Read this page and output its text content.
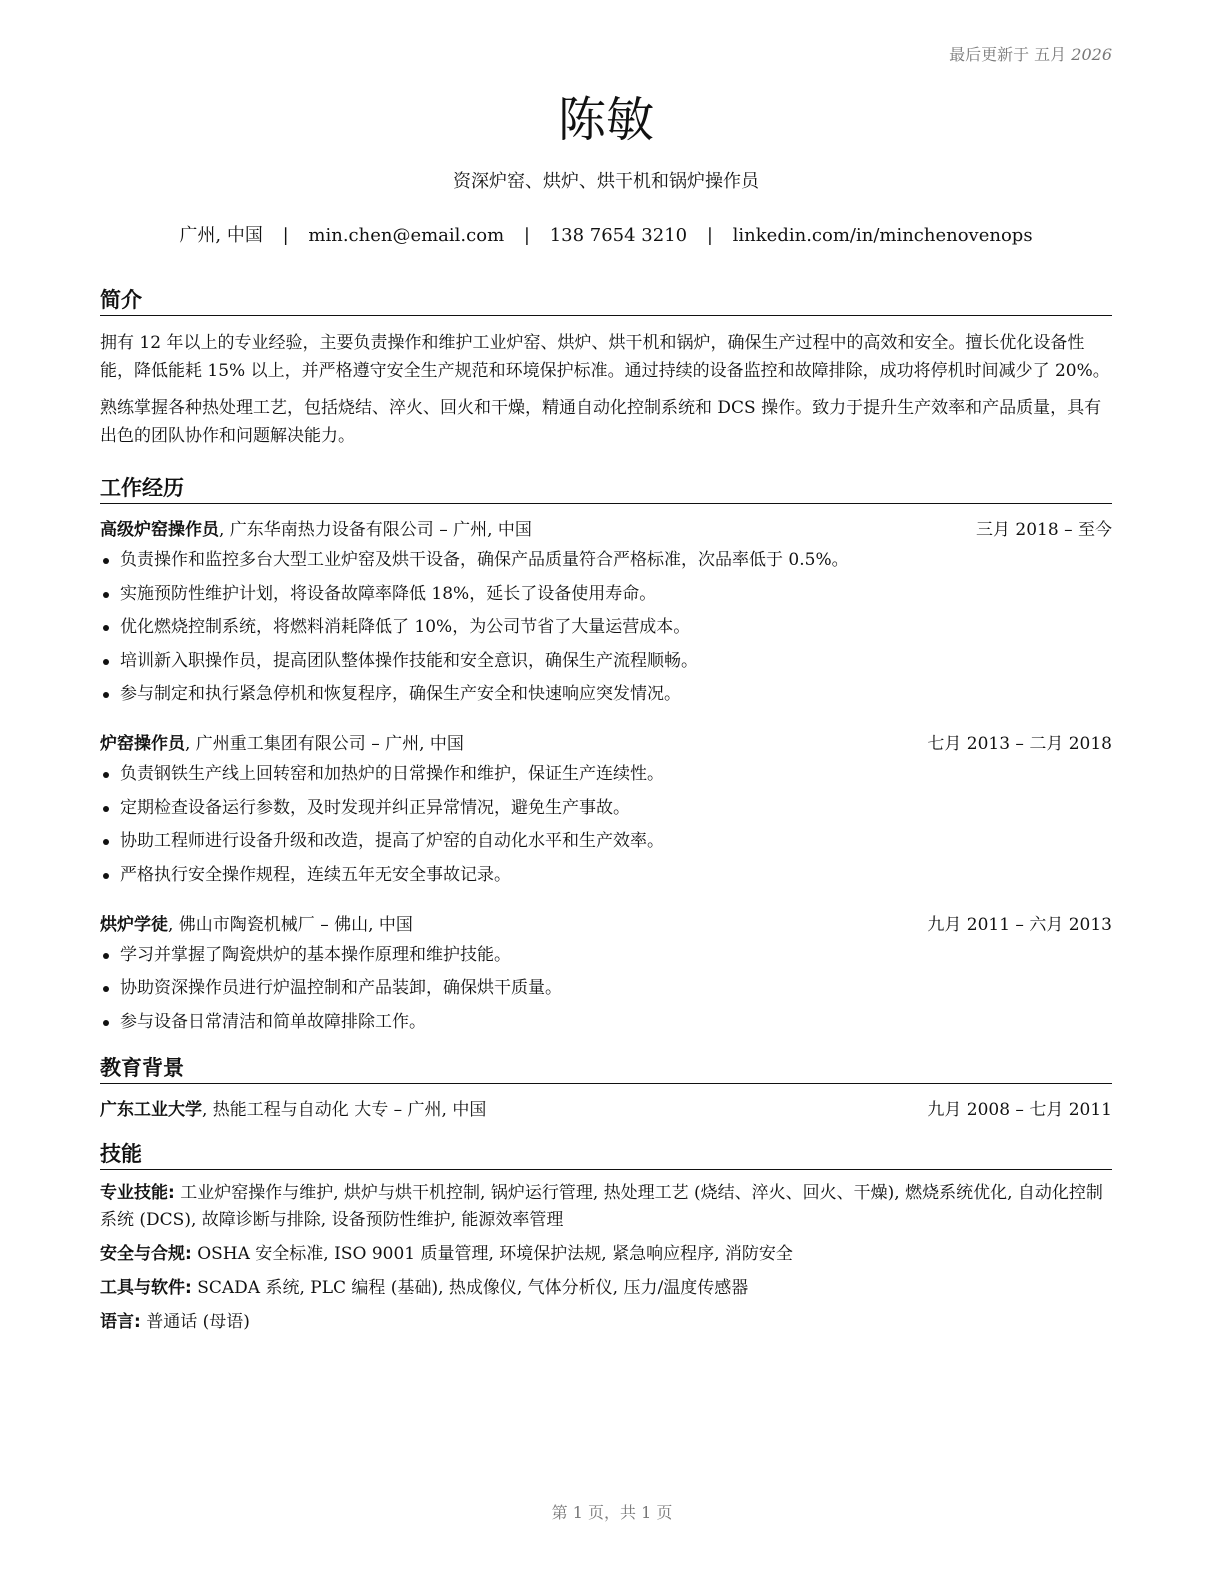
最后更新于 五月 2026
陈敏
资深炉窑、烘炉、烘干机和锅炉操作员
广州, 中国 | min.chen@email.com | 138 7654 3210 | linkedin.com/in/minchenovenops
简介
拥有 12 年以上的专业经验，主要负责操作和维护工业炉窑、烘炉、烘干机和锅炉，确保生产过程中的高效和安全。擅长优化设备性能，降低能耗 15% 以上，并严格遵守安全生产规范和环境保护标准。通过持续的设备监控和故障排除，成功将停机时间减少了 20%。
熟练掌握各种热处理工艺，包括烧结、淬火、回火和干燥，精通自动化控制系统和 DCS 操作。致力于提升生产效率和产品质量，具有出色的团队协作和问题解决能力。
工作经历
高级炉窑操作员, 广东华南热力设备有限公司 – 广州, 中国	三月 2018 – 至今
负责操作和监控多台大型工业炉窑及烘干设备，确保产品质量符合严格标准，次品率低于 0.5%。
实施预防性维护计划，将设备故障率降低 18%，延长了设备使用寿命。
优化燃烧控制系统，将燃料消耗降低了 10%，为公司节省了大量运营成本。
培训新入职操作员，提高团队整体操作技能和安全意识，确保生产流程顺畅。
参与制定和执行紧急停机和恢复程序，确保生产安全和快速响应突发情况。
炉窑操作员, 广州重工集团有限公司 – 广州, 中国	七月 2013 – 二月 2018
负责钢铁生产线上回转窑和加热炉的日常操作和维护，保证生产连续性。
定期检查设备运行参数，及时发现并纠正异常情况，避免生产事故。
协助工程师进行设备升级和改造，提高了炉窑的自动化水平和生产效率。
严格执行安全操作规程，连续五年无安全事故记录。
烘炉学徒, 佛山市陶瓷机械厂 – 佛山, 中国	九月 2011 – 六月 2013
学习并掌握了陶瓷烘炉的基本操作原理和维护技能。
协助资深操作员进行炉温控制和产品装卸，确保烘干质量。
参与设备日常清洁和简单故障排除工作。
教育背景
广东工业大学, 热能工程与自动化 大专 – 广州, 中国	九月 2008 – 七月 2011
技能
专业技能: 工业炉窑操作与维护, 烘炉与烘干机控制, 锅炉运行管理, 热处理工艺 (烧结、淬火、回火、干燥), 燃烧系统优化, 自动化控制系统 (DCS), 故障诊断与排除, 设备预防性维护, 能源效率管理
安全与合规: OSHA 安全标准, ISO 9001 质量管理, 环境保护法规, 紧急响应程序, 消防安全
工具与软件: SCADA 系统, PLC 编程 (基础), 热成像仪, 气体分析仪, 压力/温度传感器
语言: 普通话 (母语)
第 1 页，共 1 页
